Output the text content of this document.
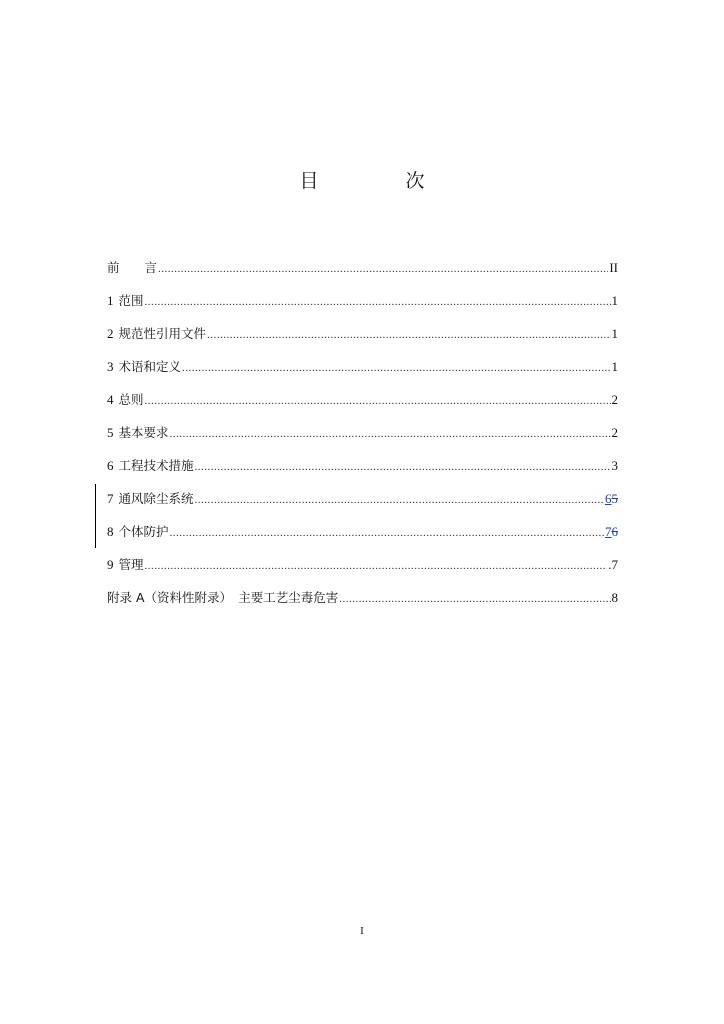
目　次
前　　言 .....	II
1 范围 .....	1
2 规范性引用文件 .....	1
3 术语和定义 .....	1
4 总则 .....	2
5 基本要求 .....	2
6 工程技术措施 .....	3
7 通风除尘系统 .....	65
8 个体防护 .....	76
9 管理 .....	.7
附录 A（资料性附录）　主要工艺尘毒危害 .....	8
I
